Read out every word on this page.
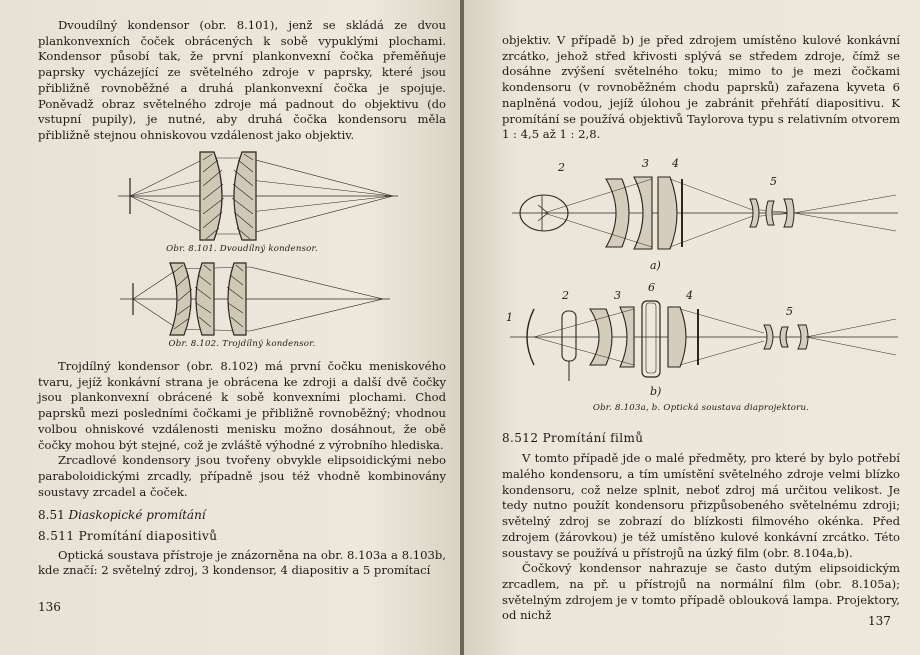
Dvoudílný kondensor (obr. 8.101), jenž se skládá ze dvou plankonvexních čoček obrácených k sobě vypuklými plochami. Kondensor působí tak, že první plankonvexní čočka přeměňuje paprsky vycházející ze světelného zdroje v paprsky, které jsou přibližně rovnoběžné a druhá plankonvexní čočka je spojuje. Poněvadž obraz světelného zdroje má padnout do objektivu (do vstupní pupily), je nutné, aby druhá čočka kondensoru měla přibližně stejnou ohniskovou vzdálenost jako objektiv.

Obr. 8.101. Dvoudílný kondensor.
Obr. 8.102. Trojdílný kondensor.

Trojdílný kondensor (obr. 8.102) má první čočku meniskového tvaru, jejíž konkávní strana je obrácena ke zdroji a další dvě čočky jsou plankonvexní obrácené k sobě konvexními plochami. Chod paprsků mezi posledními čočkami je přibližně rovnoběžný; vhodnou volbou ohniskové vzdálenosti menisku možno dosáhnout, že obě čočky mohou být stejné, což je zvláště výhodné z výrobního hlediska.

Zrcadlové kondensory jsou tvořeny obvykle elipsoidickými nebo paraboloidickými zrcadly, případně jsou též vhodně kombinovány soustavy zrcadel a čoček.

8.51 Diaskopické promítání
8.511 Promítání diapositivů

Optická soustava přístroje je znázorněna na obr. 8.103a a 8.103b, kde značí: 2 světelný zdroj, 3 kondensor, 4 diapositiv a 5 promítací

136

objektiv. V případě b) je před zdrojem umístěno kulové konkávní zrcátko, jehož střed křivosti splývá se středem zdroje, čímž se dosáhne zvýšení světelného toku; mimo to je mezi čočkami kondensoru (v rovnoběžném chodu paprsků) zařazena kyveta 6 naplněná vodou, jejíž úlohou je zabránit přehřátí diapositivu. K promítání se používá objektivů Taylorova typu s relativním otvorem 1 : 4,5 až 1 : 2,8.

2	3 4
5
a)
1
2	3
6
4
5
b)
Obr. 8.103a, b. Optická soustava diaprojektoru.
8.512 Promítání filmů

V tomto případě jde o malé předměty, pro které by bylo potřebí malého kondensoru, a tím umístění světelného zdroje velmi blízko kondensoru, což nelze splnit, neboť zdroj má určitou velikost. Je tedy nutno použít kondensoru přizpůsobeného světelnému zdroji; světelný zdroj se zobrazí do blízkosti filmového okénka. Před zdrojem (žárovkou) je též umístěno kulové konkávní zrcátko. Této soustavy se používá u přístrojů na úzký film (obr. 8.104a,b).

Čočkový kondensor nahrazuje se často dutým elipsoidickým zrcadlem, na př. u přístrojů na normální film (obr. 8.105a); světelným zdrojem je v tomto případě oblouková lampa. Projektory, od nichž	137
